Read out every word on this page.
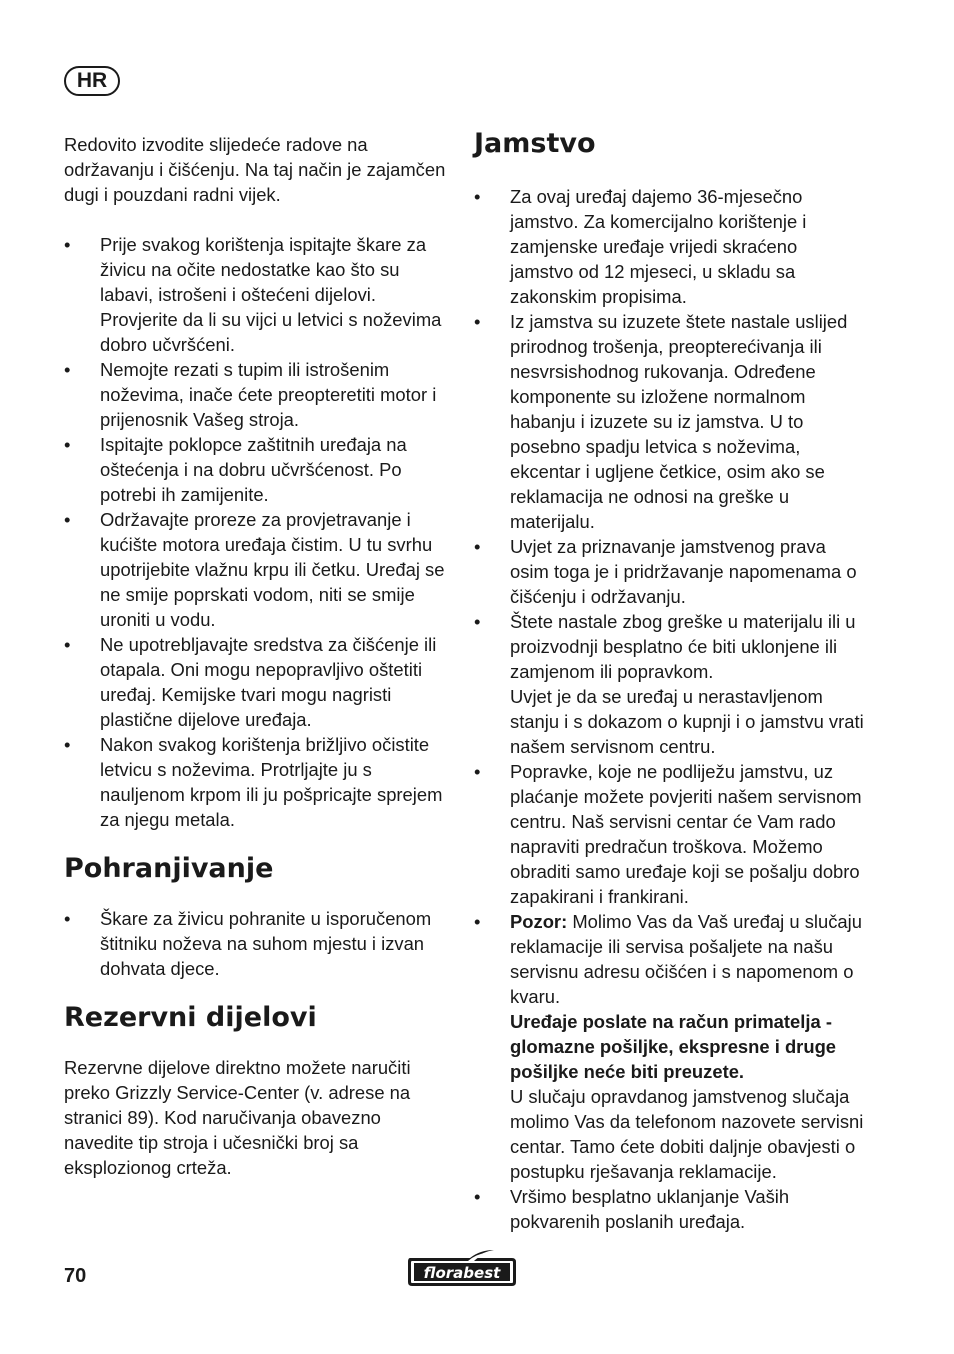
HR

Redovito izvodite slijedeće radove na održavanju i čišćenju. Na taj način je zajamčen dugi i pouzdani radni vijek.

• Prije svakog korištenja ispitajte škare za živicu na očite nedostatke kao što su labavi, istrošeni i oštećeni dijelovi. Provjerite da li su vijci u letvici s noževima dobro učvršćeni.
• Nemojte rezati s tupim ili istrošenim noževima, inače ćete preopteretiti motor i prijenosnik Vašeg stroja.
• Ispitajte poklopce zaštitnih uređaja na oštećenja i na dobru učvršćenost. Po potrebi ih zamijenite.
• Održavajte proreze za provjetravanje i kućište motora uređaja čistim. U tu svrhu upotrijebite vlažnu krpu ili četku. Uređaj se ne smije poprskati vodom, niti se smije uroniti u vodu.
• Ne upotrebljavajte sredstva za čišćenje ili otapala. Oni mogu nepopravljivo oštetiti uređaj. Kemijske tvari mogu nagristi plastične dijelove uređaja.
• Nakon svakog korištenja brižljivo očistite letvicu s noževima. Protrljajte ju s nauljenom krpom ili ju pošpricajte sprejem za njegu metala.
Pohranjivanje
• Škare za živicu pohranite u isporučenom štitniku noževa na suhom mjestu i izvan dohvata djece.
Rezervni dijelovi

Rezervne dijelove direktno možete naručiti preko Grizzly Service-Center (v. adrese na stranici 89). Kod naručivanja obavezno navedite tip stroja i učesnički broj sa eksplozionog crteža.

Jamstvo
• Za ovaj uređaj dajemo 36-mjesečno jamstvo. Za komercijalno korištenje i zamjenske uređaje vrijedi skraćeno jamstvo od 12 mjeseci, u skladu sa zakonskim propisima.
• Iz jamstva su izuzete štete nastale uslijed prirodnog trošenja, preopterećivanja ili nesvrsishodnog rukovanja. Određene komponente su izložene normalnom habanju i izuzete su iz jamstva. U to posebno spadju letvica s noževima, ekcentar i ugljene četkice, osim ako se reklamacija ne odnosi na greške u materijalu.
• Uvjet za priznavanje jamstvenog prava osim toga je i pridržavanje napomenama o čišćenju i održavanju.
• Štete nastale zbog greške u materijalu ili u proizvodnji besplatno će biti uklonjene ili zamjenom ili popravkom.
Uvjet je da se uređaj u nerastavljenom stanju i s dokazom o kupnji i o jamstvu vrati našem servisnom centru.
• Popravke, koje ne podliježu jamstvu, uz plaćanje možete povjeriti našem servisnom centru. Naš servisni centar će Vam rado napraviti predračun troškova. Možemo obraditi samo uređaje koji se pošalju dobro zapakirani i frankirani.
• Pozor: Molimo Vas da Vaš uređaj u slučaju reklamacije ili servisa pošaljete na našu servisnu adresu očišćen i s napomenom o kvaru.
Uređaje poslate na račun primatelja - glomazne pošiljke, ekspresne i druge pošiljke neće biti preuzete.
U slučaju opravdanog jamstvenog slučaja molimo Vas da telefonom nazovete servisni centar. Tamo ćete dobiti daljnje obavjesti o postupku rješavanja reklamacije.
• Vršimo besplatno uklanjanje Vaših pokvarenih poslanih uređaja.
70	florabest
